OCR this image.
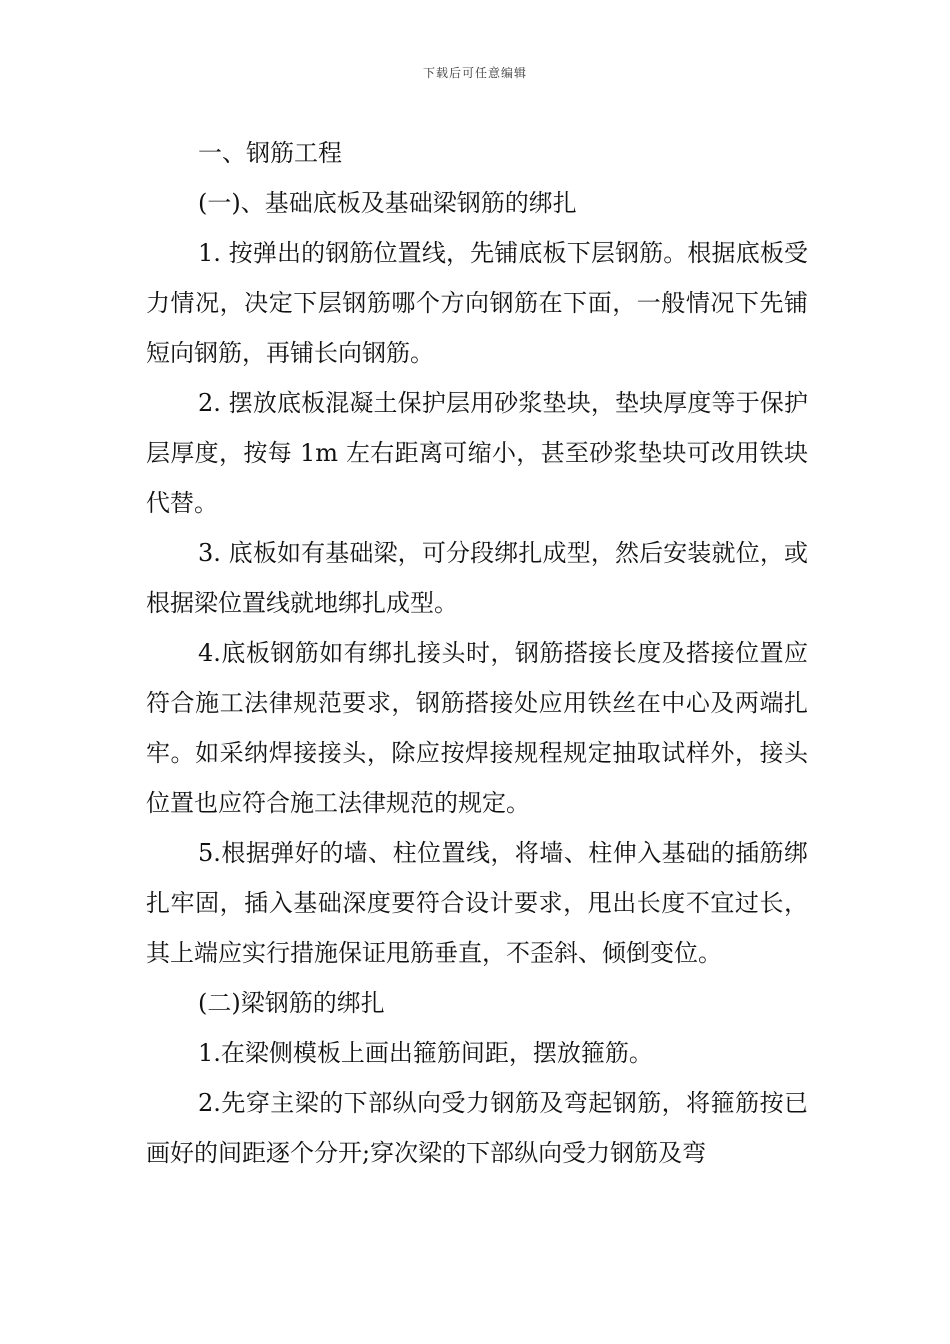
下载后可任意编辑

一、钢筋工程

(一)、基础底板及基础梁钢筋的绑扎

1. 按弹出的钢筋位置线，先铺底板下层钢筋。根据底板受力情况，决定下层钢筋哪个方向钢筋在下面，一般情况下先铺短向钢筋，再铺长向钢筋。

2. 摆放底板混凝土保护层用砂浆垫块，垫块厚度等于保护层厚度，按每 1m 左右距离可缩小，甚至砂浆垫块可改用铁块代替。

3. 底板如有基础梁，可分段绑扎成型，然后安装就位，或根据梁位置线就地绑扎成型。

4.底板钢筋如有绑扎接头时，钢筋搭接长度及搭接位置应符合施工法律规范要求，钢筋搭接处应用铁丝在中心及两端扎牢。如采纳焊接接头，除应按焊接规程规定抽取试样外，接头位置也应符合施工法律规范的规定。

5.根据弹好的墙、柱位置线，将墙、柱伸入基础的插筋绑扎牢固，插入基础深度要符合设计要求，甩出长度不宜过长，其上端应实行措施保证甩筋垂直，不歪斜、倾倒变位。

(二)梁钢筋的绑扎

1.在梁侧模板上画出箍筋间距，摆放箍筋。

2.先穿主梁的下部纵向受力钢筋及弯起钢筋，将箍筋按已画好的间距逐个分开;穿次梁的下部纵向受力钢筋及弯
